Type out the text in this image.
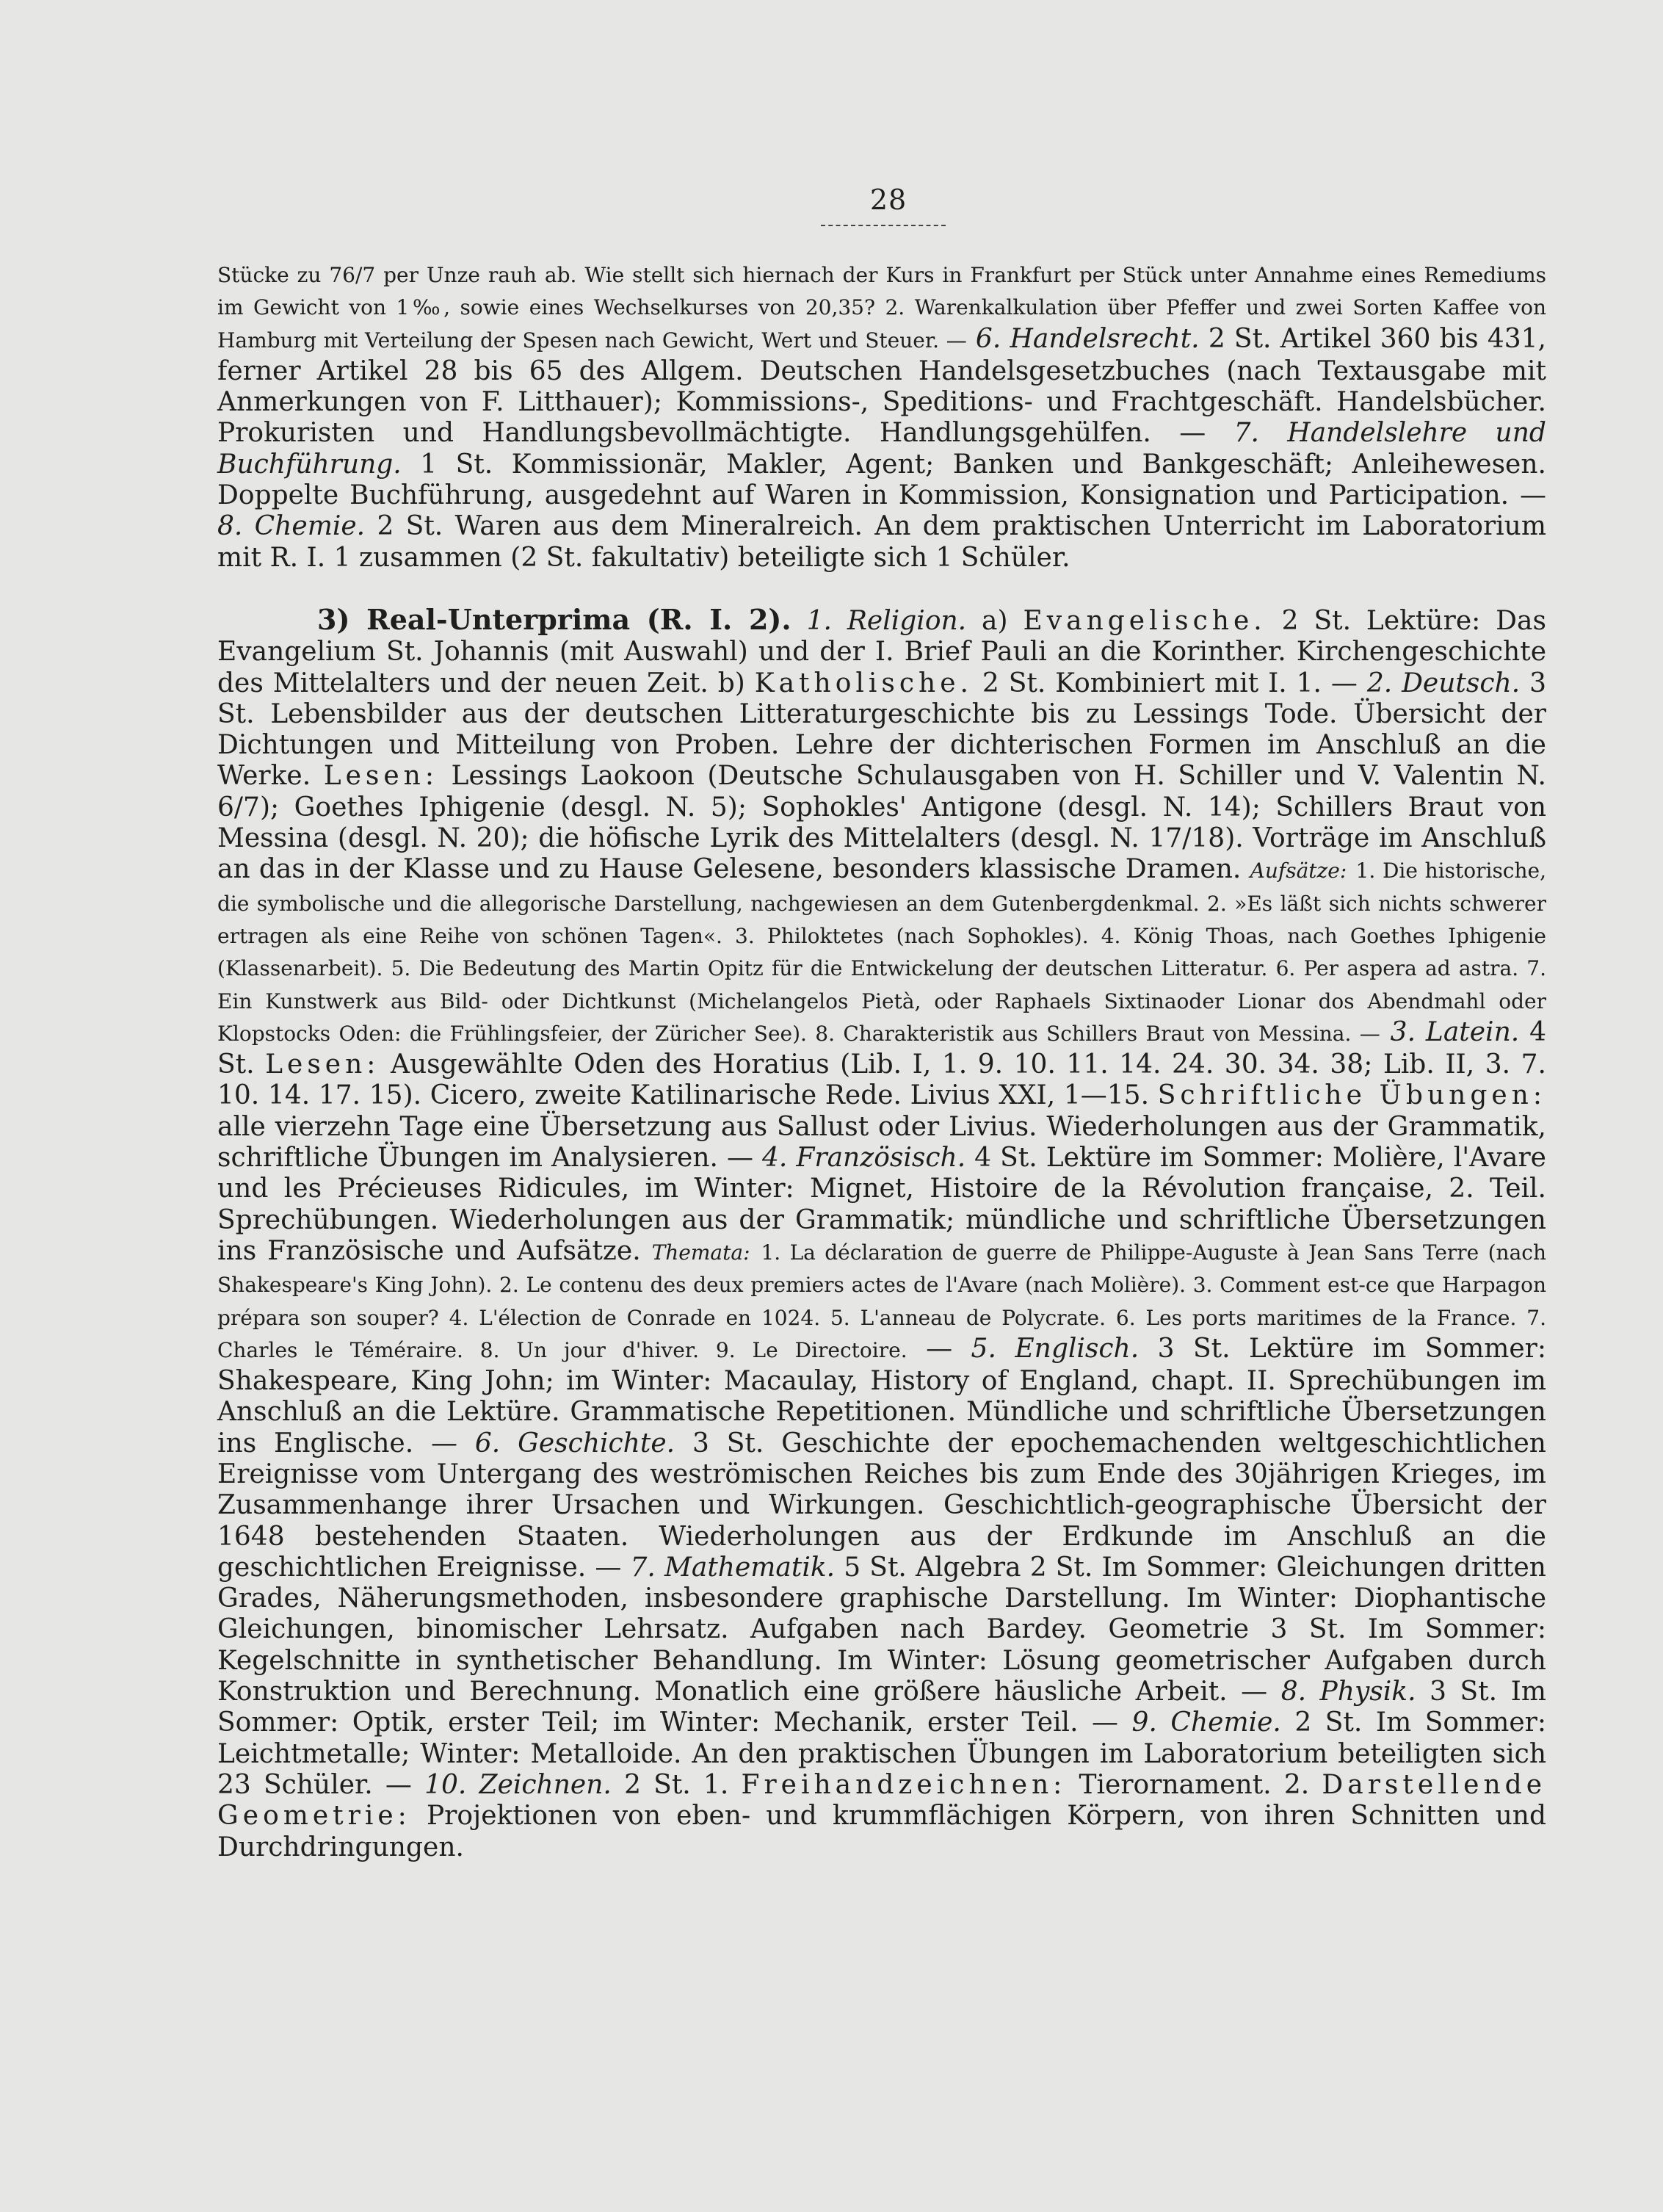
28

Stücke zu 76/7 per Unze rauh ab. Wie stellt sich hiernach der Kurs in Frankfurt per Stück unter Annahme eines Remediums im Gewicht von 1‰, sowie eines Wechselkurses von 20,35? 2. Warenkalkulation über Pfeffer und zwei Sorten Kaffee von Hamburg mit Verteilung der Spesen nach Gewicht, Wert und Steuer. — 6. Handelsrecht. 2 St. Artikel 360 bis 431, ferner Artikel 28 bis 65 des Allgem. Deutschen Handelsgesetzbuches (nach Textausgabe mit Anmerkungen von F. Litthauer); Kommissions-, Speditions- und Frachtgeschäft. Handelsbücher. Prokuristen und Handlungsbevollmächtigte. Handlungsgehülfen. — 7. Handelslehre und Buchführung. 1 St. Kommissionär, Makler, Agent; Banken und Bankgeschäft; Anleihewesen. Doppelte Buchführung, ausgedehnt auf Waren in Kommission, Konsignation und Participation. — 8. Chemie. 2 St. Waren aus dem Mineralreich. An dem praktischen Unterricht im Laboratorium mit R. I. 1 zusammen (2 St. fakultativ) beteiligte sich 1 Schüler.

3) Real-Unterprima (R. I. 2). 1. Religion. a) Evangelische. 2 St. Lektüre: Das Evangelium St. Johannis (mit Auswahl) und der I. Brief Pauli an die Korinther. Kirchengeschichte des Mittelalters und der neuen Zeit. b) Katholische. 2 St. Kombiniert mit I. 1. — 2. Deutsch. 3 St. Lebensbilder aus der deutschen Litteraturgeschichte bis zu Lessings Tode. Übersicht der Dichtungen und Mitteilung von Proben. Lehre der dichterischen Formen im Anschluß an die Werke. Lesen: Lessings Laokoon (Deutsche Schulausgaben von H. Schiller und V. Valentin N. 6/7); Goethes Iphigenie (desgl. N. 5); Sophokles' Antigone (desgl. N. 14); Schillers Braut von Messina (desgl. N. 20); die höfische Lyrik des Mittelalters (desgl. N. 17/18). Vorträge im Anschluß an das in der Klasse und zu Hause Gelesene, besonders klassische Dramen. Aufsätze: 1. Die historische, die symbolische und die allegorische Darstellung, nachgewiesen an dem Gutenbergdenkmal. 2. »Es läßt sich nichts schwerer ertragen als eine Reihe von schönen Tagen«. 3. Philoktetes (nach Sophokles). 4. König Thoas, nach Goethes Iphigenie (Klassenarbeit). 5. Die Bedeutung des Martin Opitz für die Entwickelung der deutschen Litteratur. 6. Per aspera ad astra. 7. Ein Kunstwerk aus Bild- oder Dichtkunst (Michelangelos Pietà, oder Raphaels Sixtinaoder Lionar dos Abendmahl oder Klopstocks Oden: die Frühlingsfeier, der Züricher See). 8. Charakteristik aus Schillers Braut von Messina. — 3. Latein. 4 St. Lesen: Ausgewählte Oden des Horatius (Lib. I, 1. 9. 10. 11. 14. 24. 30. 34. 38; Lib. II, 3. 7. 10. 14. 17. 15). Cicero, zweite Katilinarische Rede. Livius XXI, 1—15. Schriftliche Übungen: alle vierzehn Tage eine Übersetzung aus Sallust oder Livius. Wiederholungen aus der Grammatik, schriftliche Übungen im Analysieren. — 4. Französisch. 4 St. Lektüre im Sommer: Molière, l'Avare und les Précieuses Ridicules, im Winter: Mignet, Histoire de la Révolution française, 2. Teil. Sprechübungen. Wiederholungen aus der Grammatik; mündliche und schriftliche Übersetzungen ins Französische und Aufsätze. Themata: 1. La déclaration de guerre de Philippe-Auguste à Jean Sans Terre (nach Shakespeare's King John). 2. Le contenu des deux premiers actes de l'Avare (nach Molière). 3. Comment est-ce que Harpagon prépara son souper? 4. L'élection de Conrade en 1024. 5. L'anneau de Polycrate. 6. Les ports maritimes de la France. 7. Charles le Téméraire. 8. Un jour d'hiver. 9. Le Directoire. — 5. Englisch. 3 St. Lektüre im Sommer: Shakespeare, King John; im Winter: Macaulay, History of England, chapt. II. Sprechübungen im Anschluß an die Lektüre. Grammatische Repetitionen. Mündliche und schriftliche Übersetzungen ins Englische. — 6. Geschichte. 3 St. Geschichte der epochemachenden weltgeschichtlichen Ereignisse vom Untergang des weströmischen Reiches bis zum Ende des 30jährigen Krieges, im Zusammenhange ihrer Ursachen und Wirkungen. Geschichtlich-geographische Übersicht der 1648 bestehenden Staaten. Wiederholungen aus der Erdkunde im Anschluß an die geschichtlichen Ereignisse. — 7. Mathematik. 5 St. Algebra 2 St. Im Sommer: Gleichungen dritten Grades, Näherungsmethoden, insbesondere graphische Darstellung. Im Winter: Diophantische Gleichungen, binomischer Lehrsatz. Aufgaben nach Bardey. Geometrie 3 St. Im Sommer: Kegelschnitte in synthetischer Behandlung. Im Winter: Lösung geometrischer Aufgaben durch Konstruktion und Berechnung. Monatlich eine größere häusliche Arbeit. — 8. Physik. 3 St. Im Sommer: Optik, erster Teil; im Winter: Mechanik, erster Teil. — 9. Chemie. 2 St. Im Sommer: Leichtmetalle; Winter: Metalloide. An den praktischen Übungen im Laboratorium beteiligten sich 23 Schüler. — 10. Zeichnen. 2 St. 1. Freihandzeichnen: Tierornament. 2. Darstellende Geometrie: Projektionen von eben- und krummflächigen Körpern, von ihren Schnitten und Durchdringungen.
